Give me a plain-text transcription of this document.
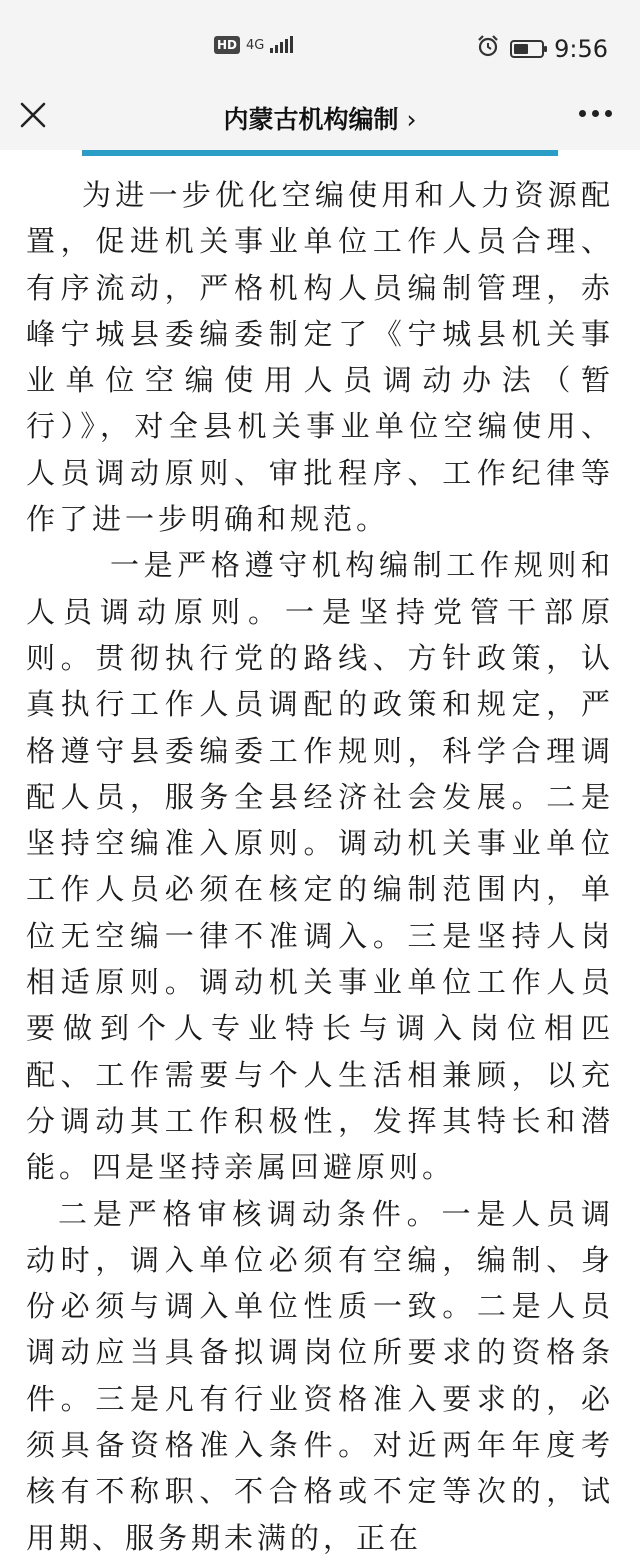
HD 4G	9:56
内蒙古机构编制 ›

为进一步优化空编使用和人力资源配置，促进机关事业单位工作人员合理、有序流动，严格机构人员编制管理，赤峰宁城县委编委制定了《宁城县机关事业单位空编使用人员调动办法（暂行）》，对全县机关事业单位空编使用、人员调动原则、审批程序、工作纪律等作了进一步明确和规范。

一是严格遵守机构编制工作规则和人员调动原则。一是坚持党管干部原则。贯彻执行党的路线、方针政策，认真执行工作人员调配的政策和规定，严格遵守县委编委工作规则，科学合理调配人员，服务全县经济社会发展。二是坚持空编准入原则。调动机关事业单位工作人员必须在核定的编制范围内，单位无空编一律不准调入。三是坚持人岗相适原则。调动机关事业单位工作人员要做到个人专业特长与调入岗位相匹配、工作需要与个人生活相兼顾，以充分调动其工作积极性，发挥其特长和潜能。四是坚持亲属回避原则。

二是严格审核调动条件。一是人员调动时，调入单位必须有空编，编制、身份必须与调入单位性质一致。二是人员调动应当具备拟调岗位所要求的资格条件。三是凡有行业资格准入要求的，必须具备资格准入条件。对近两年年度考核有不称职、不合格或不定等次的，试用期、服务期未满的，正在
